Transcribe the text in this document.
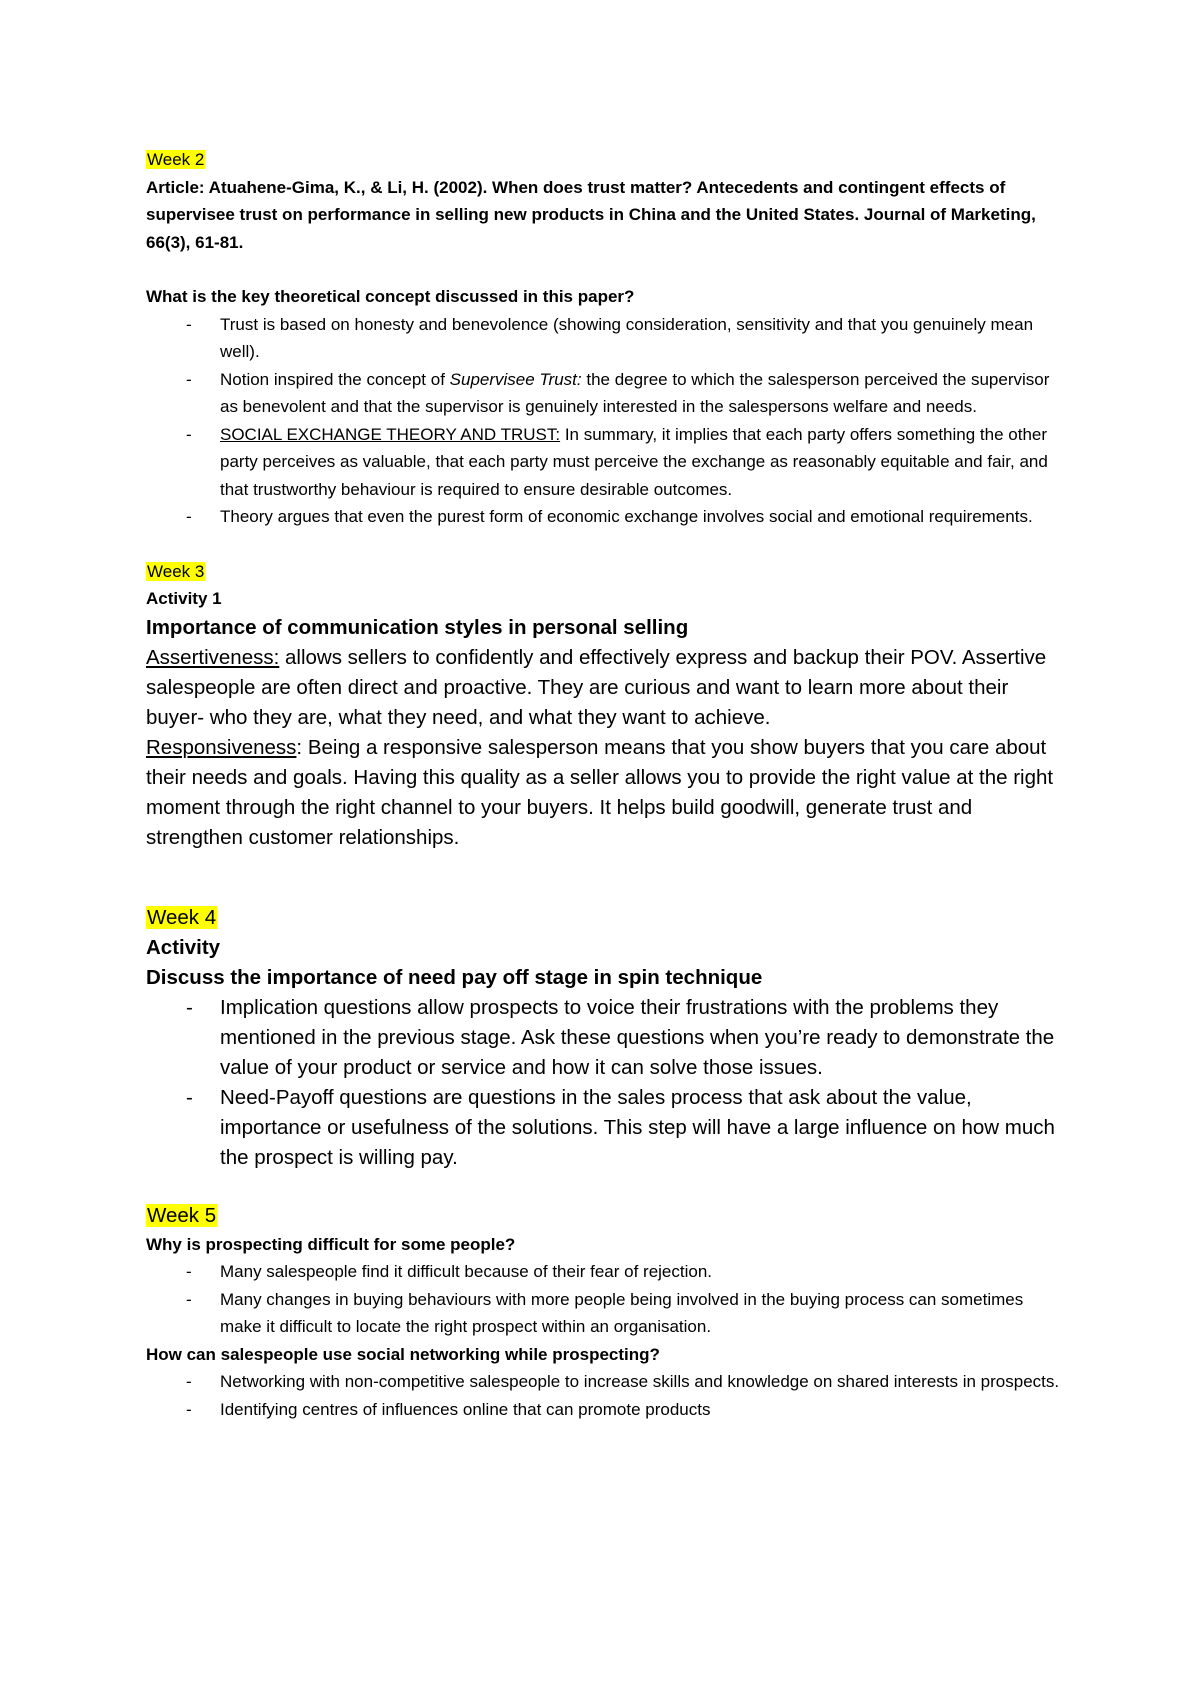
Week 2

Article: Atuahene-Gima, K., & Li, H. (2002). When does trust matter? Antecedents and contingent effects of supervisee trust on performance in selling new products in China and the United States. Journal of Marketing, 66(3), 61-81.

What is the key theoretical concept discussed in this paper?

- Trust is based on honesty and benevolence (showing consideration, sensitivity and that you genuinely mean well).
- Notion inspired the concept of Supervisee Trust: the degree to which the salesperson perceived the supervisor as benevolent and that the supervisor is genuinely interested in the salespersons welfare and needs.
- SOCIAL EXCHANGE THEORY AND TRUST: In summary, it implies that each party offers something the other party perceives as valuable, that each party must perceive the exchange as reasonably equitable and fair, and that trustworthy behaviour is required to ensure desirable outcomes.
- Theory argues that even the purest form of economic exchange involves social and emotional requirements.

Week 3

Activity 1

Importance of communication styles in personal selling

Assertiveness: allows sellers to confidently and effectively express and backup their POV. Assertive salespeople are often direct and proactive. They are curious and want to learn more about their buyer- who they are, what they need, and what they want to achieve.

Responsiveness: Being a responsive salesperson means that you show buyers that you care about their needs and goals. Having this quality as a seller allows you to provide the right value at the right moment through the right channel to your buyers. It helps build goodwill, generate trust and strengthen customer relationships.

Week 4

Activity

Discuss the importance of need pay off stage in spin technique

- Implication questions allow prospects to voice their frustrations with the problems they mentioned in the previous stage. Ask these questions when you’re ready to demonstrate the value of your product or service and how it can solve those issues.
- Need-Payoff questions are questions in the sales process that ask about the value, importance or usefulness of the solutions. This step will have a large influence on how much the prospect is willing pay.

Week 5

Why is prospecting difficult for some people?

- Many salespeople find it difficult because of their fear of rejection.
- Many changes in buying behaviours with more people being involved in the buying process can sometimes make it difficult to locate the right prospect within an organisation.

How can salespeople use social networking while prospecting?

- Networking with non-competitive salespeople to increase skills and knowledge on shared interests in prospects.
- Identifying centres of influences online that can promote products
